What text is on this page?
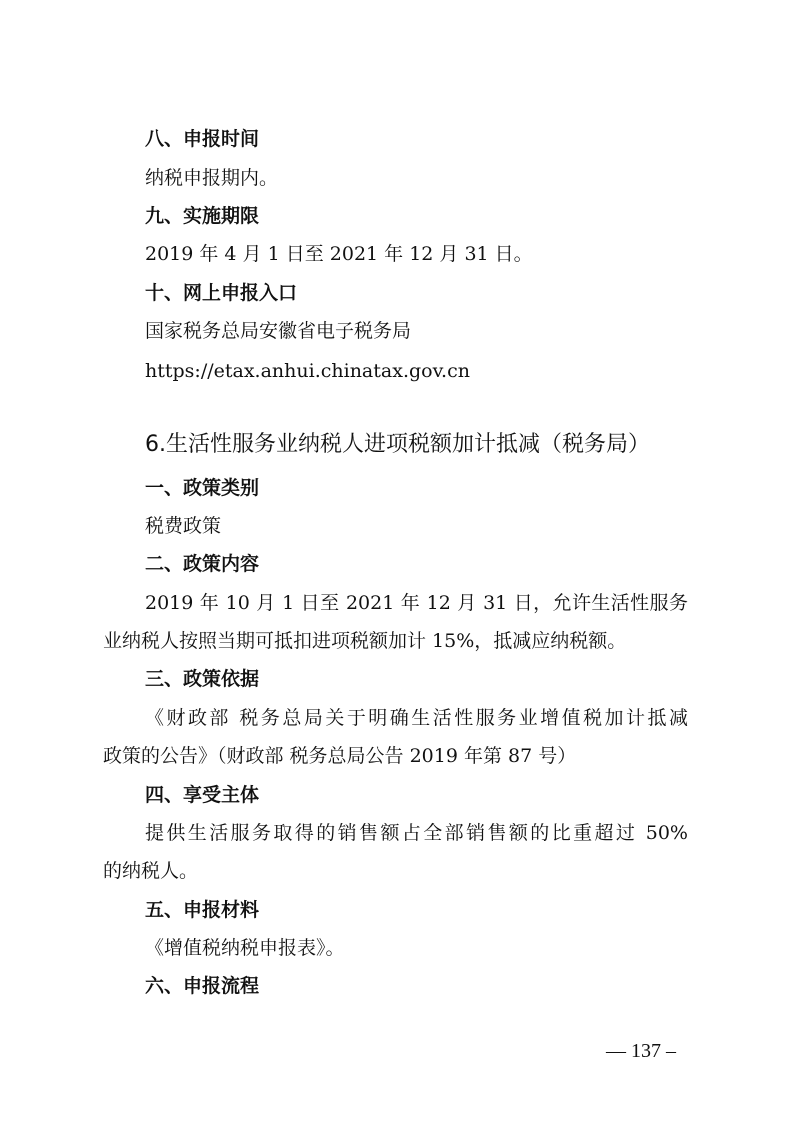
八、申报时间
纳税申报期内。
九、实施期限
2019 年 4 月 1 日至 2021 年 12 月 31 日。
十、网上申报入口
国家税务总局安徽省电子税务局
https://etax.anhui.chinatax.gov.cn
6.生活性服务业纳税人进项税额加计抵减（税务局）
一、政策类别
税费政策
二、政策内容
2019 年 10 月 1 日至 2021 年 12 月 31 日，允许生活性服务
业纳税人按照当期可抵扣进项税额加计 15%，抵减应纳税额。
三、政策依据
《财政部 税务总局关于明确生活性服务业增值税加计抵减
政策的公告》（财政部 税务总局公告 2019 年第 87 号）
四、享受主体
提供生活服务取得的销售额占全部销售额的比重超过 50%
的纳税人。
五、申报材料
《增值税纳税申报表》。
六、申报流程
— 137 –
